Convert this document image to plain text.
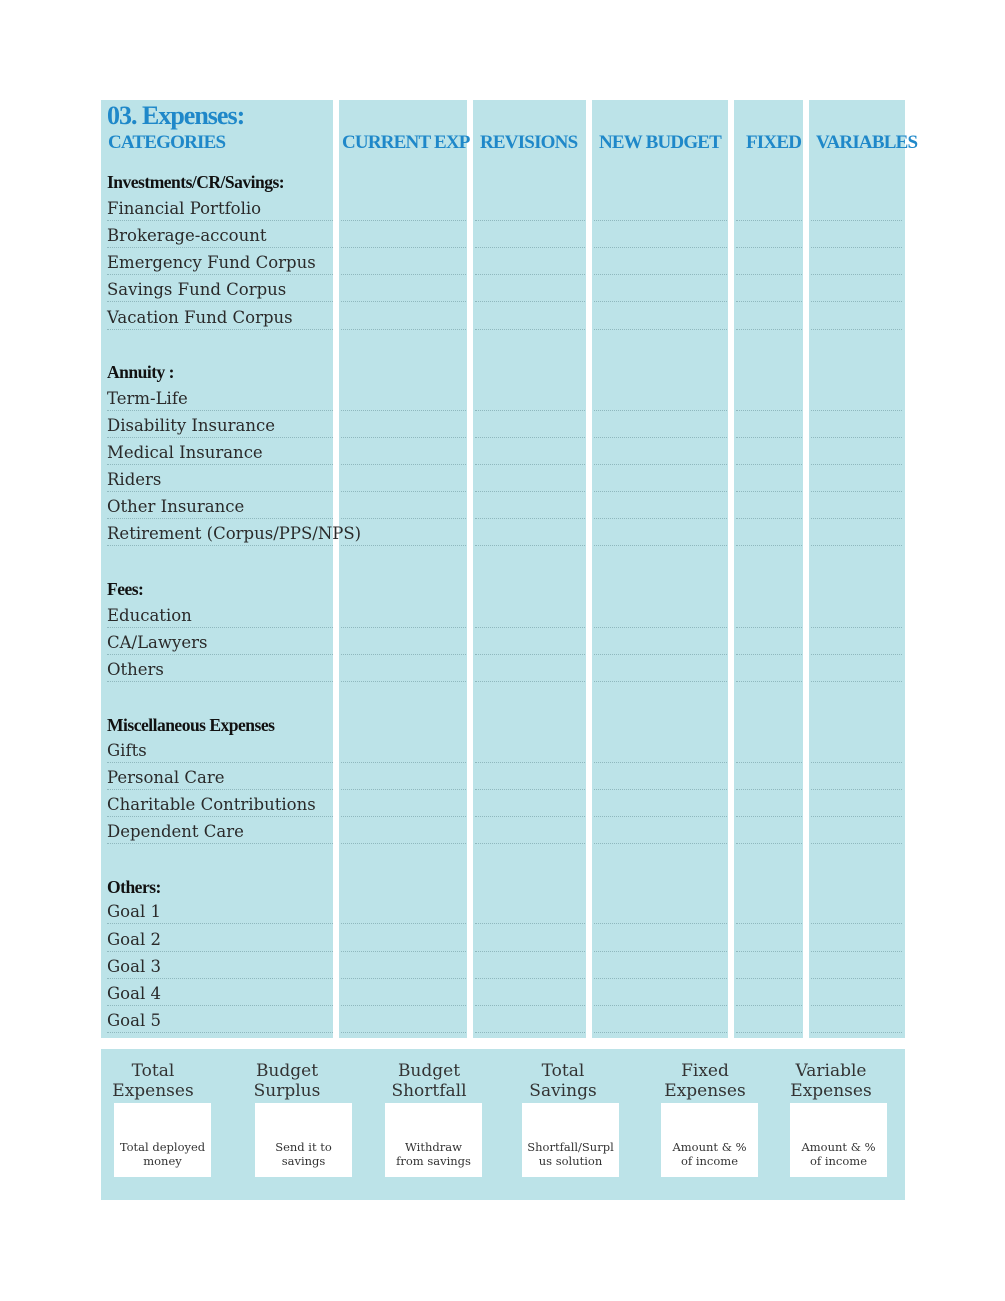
03. Expenses:
CATEGORIES	CURRENT EXP REVISIONS NEW BUDGET FIXED VARIABLES
Investments/CR/Savings:
Financial Portfolio
Brokerage-account
Emergency Fund Corpus
Savings Fund Corpus
Vacation Fund Corpus
Annuity :
Term-Life
Disability Insurance
Medical Insurance
Riders
Other Insurance
Retirement (Corpus/PPS/NPS)
Fees:
Education
CA/Lawyers
Others
Miscellaneous Expenses
Gifts
Personal Care
Charitable Contributions
Dependent Care
Others:
Goal 1
Goal 2
Goal 3
Goal 4
Goal 5
Total
Expenses
Total deployed
money
Budget
Surplus
Send it to
savings
Budget
Shortfall
Withdraw
from savings
Total
Savings
Shortfall/Surpl
us solution
Fixed
Expenses
Amount & %
of income
Variable
Expenses
Amount & %
of income
